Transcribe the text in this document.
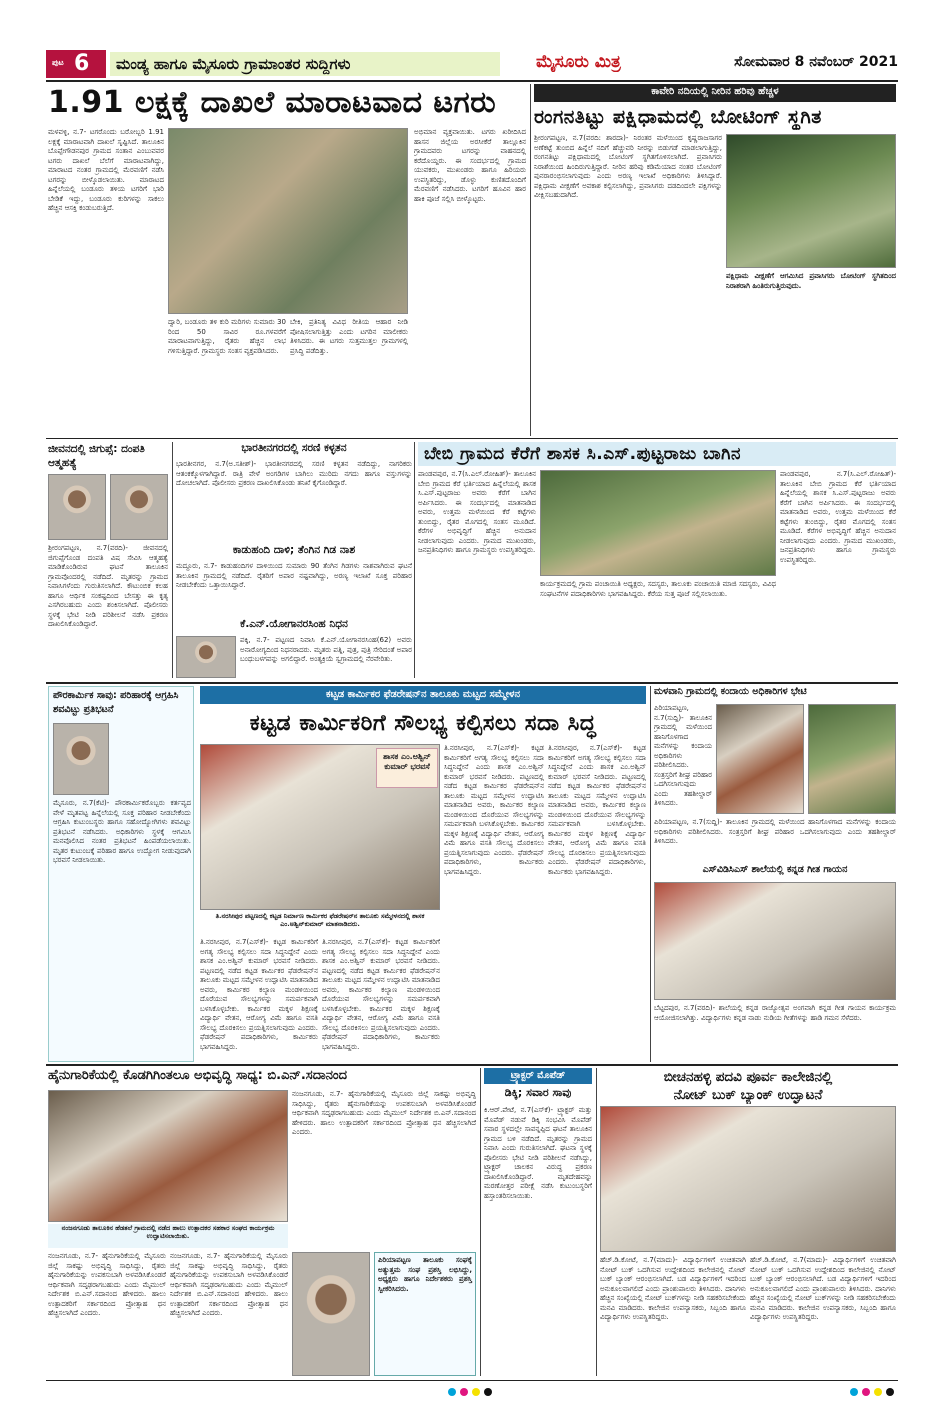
ಪುಟ 6	ಮಂಡ್ಯ ಹಾಗೂ ಮೈಸೂರು ಗ್ರಾಮಾಂತರ ಸುದ್ದಿಗಳು	ಮೈಸೂರು ಮಿತ್ರ	ಸೋಮವಾರ 8 ನವೆಂಬರ್ 2021
1.91 ಲಕ್ಷಕ್ಕೆ ದಾಖಲೆ ಮಾರಾಟವಾದ ಟಗರು
ಮಳವಳ್ಳಿ, ನ.7- ಟಗರೊಂದು ಬರೋಬ್ಬರಿ 1.91 ಲಕ್ಷಕ್ಕೆ ಮಾರಾಟವಾಗಿ ದಾಖಲೆ ಸೃಷ್ಟಿಸಿದೆ. ತಾಲೂಕಿನ ಬೊಪ್ಪೇಗೌಡನಪುರ ಗ್ರಾಮದ ಸಂತಾನ ಎಂಬುವವರ ಟಗರು ದಾಖಲೆ ಬೆಲೆಗೆ ಮಾರಾಟವಾಗಿದ್ದು, ಮಾರಾಟದ ನಂತರ ಗ್ರಾಮದಲ್ಲಿ ಮೆರವಣಿಗೆ ನಡೆಸಿ ಟಗರನ್ನು ಬೀಳ್ಕೊಡಲಾಯಿತು. ಮಾರಾಟದ ಹಿನ್ನೆಲೆಯಲ್ಲಿ ಬಂಡೂರು ತಳಿಯ ಟಗರಿಗೆ ಭಾರಿ ಬೇಡಿಕೆ ಇದ್ದು, ಬಂಡೂರು ಕುರಿಗಳನ್ನು ಸಾಕಲು ಹೆಚ್ಚಿನ ಆಸಕ್ತಿ ಕಂಡುಬರುತ್ತಿದೆ.
ಅಭಿಮಾನ ವ್ಯಕ್ತವಾಯಿತು. ಟಗರು ಖರೀದಿಸಿದ ಹಾಸನ ಜಿಲ್ಲೆಯ ಅರಸೀಕೆರೆ ತಾಲ್ಲೂಕಿನ ಗ್ರಾಮದವರು ಟಗರನ್ನು ವಾಹನದಲ್ಲಿ ಕರೆದೊಯ್ದರು. ಈ ಸಂದರ್ಭದಲ್ಲಿ ಗ್ರಾಮದ ಯುವಕರು, ಮುಖಂಡರು ಹಾಗೂ ಹಿರಿಯರು ಉಪಸ್ಥಿತರಿದ್ದು, ಡೊಳ್ಳು ಕುಣಿತದೊಂದಿಗೆ ಮೆರವಣಿಗೆ ನಡೆಸಿದರು. ಟಗರಿಗೆ ಹೂವಿನ ಹಾರ ಹಾಕಿ ಪೂಜೆ ಸಲ್ಲಿಸಿ ಬೀಳ್ಕೊಟ್ಟರು.
ದ್ವಾರಿ, ಬಂಡೂರು ತಳಿ ಕುರಿ ಮರಿಗಳು ಸುಮಾರು 30 ರಿಂದ 50 ಸಾವಿರ ರೂ.ಗಳವರೆಗೆ ಮಾರಾಟವಾಗುತ್ತಿದ್ದು, ರೈತರು ಹೆಚ್ಚಿನ ಲಾಭ ಗಳಿಸುತ್ತಿದ್ದಾರೆ. ಗ್ರಾಮಸ್ಥರು ಸಂತಸ ವ್ಯಕ್ತಪಡಿಸಿದರು.
ಬೇಕಿ, ಪ್ರತಿನಿತ್ಯ ವಿವಿಧ ರೀತಿಯ ಆಹಾರ ನೀಡಿ ಪೋಷಿಸಲಾಗುತ್ತಿತ್ತು ಎಂದು ಟಗರಿನ ಮಾಲೀಕರು ತಿಳಿಸಿದರು. ಈ ಟಗರು ಸುತ್ತಮುತ್ತಲ ಗ್ರಾಮಗಳಲ್ಲಿ ಪ್ರಸಿದ್ಧಿ ಪಡೆದಿತ್ತು.
ಕಾವೇರಿ ನದಿಯಲ್ಲಿ ನೀರಿನ ಹರಿವು ಹೆಚ್ಚಳ
ರಂಗನತಿಟ್ಟು ಪಕ್ಷಿಧಾಮದಲ್ಲಿ ಬೋಟಿಂಗ್ ಸ್ಥಗಿತ
ಶ್ರೀರಂಗಪಟ್ಟಣ, ನ.7(ವರದಿ: ಶಾರದಾ)- ನಿರಂತರ ಮಳೆಯಿಂದ ಕೃಷ್ಣರಾಜಸಾಗರ ಅಣೆಕಟ್ಟೆ ತುಂಬಿದ ಹಿನ್ನೆಲೆ ನದಿಗೆ ಹೆಚ್ಚುವರಿ ನೀರನ್ನು ಬಿಡುಗಡೆ ಮಾಡಲಾಗುತ್ತಿದ್ದು, ರಂಗನತಿಟ್ಟು ಪಕ್ಷಿಧಾಮದಲ್ಲಿ ಬೋಟಿಂಗ್ ಸ್ಥಗಿತಗೊಳಿಸಲಾಗಿದೆ. ಪ್ರವಾಸಿಗರು ನಿರಾಶೆಯಿಂದ ಹಿಂದಿರುಗುತ್ತಿದ್ದಾರೆ. ನೀರಿನ ಹರಿವು ಕಡಿಮೆಯಾದ ನಂತರ ಬೋಟಿಂಗ್ ಪುನರಾರಂಭಿಸಲಾಗುವುದು ಎಂದು ಅರಣ್ಯ ಇಲಾಖೆ ಅಧಿಕಾರಿಗಳು ತಿಳಿಸಿದ್ದಾರೆ. ಪಕ್ಷಿಧಾಮ ವೀಕ್ಷಣೆಗೆ ಅವಕಾಶ ಕಲ್ಪಿಸಲಾಗಿದ್ದು, ಪ್ರವಾಸಿಗರು ದಡದಿಂದಲೇ ಪಕ್ಷಿಗಳನ್ನು ವೀಕ್ಷಿಸಬಹುದಾಗಿದೆ.
ಪಕ್ಷಿಧಾಮ ವೀಕ್ಷಣೆಗೆ ಆಗಮಿಸಿದ ಪ್ರವಾಸಿಗರು ಬೋಟಿಂಗ್ ಸ್ಥಗಿತದಿಂದ ನಿರಾಶರಾಗಿ ಹಿಂತಿರುಗುತ್ತಿರುವುದು.
ಜೀವನದಲ್ಲಿ ಜಿಗುಪ್ಸೆ: ದಂಪತಿ ಆತ್ಮಹತ್ಯೆ
ಶ್ರೀರಂಗಪಟ್ಟಣ, ನ.7(ವರದಿ)- ಜೀವನದಲ್ಲಿ ಜಿಗುಪ್ಸೆಗೊಂಡ ದಂಪತಿ ವಿಷ ಸೇವಿಸಿ ಆತ್ಮಹತ್ಯೆ ಮಾಡಿಕೊಂಡಿರುವ ಘಟನೆ ತಾಲೂಕಿನ ಗ್ರಾಮವೊಂದರಲ್ಲಿ ನಡೆದಿದೆ. ಮೃತರನ್ನು ಗ್ರಾಮದ ನಿವಾಸಿಗಳೆಂದು ಗುರುತಿಸಲಾಗಿದೆ. ಕೌಟುಂಬಿಕ ಕಲಹ ಹಾಗೂ ಆರ್ಥಿಕ ಸಂಕಷ್ಟದಿಂದ ಬೇಸತ್ತು ಈ ಕೃತ್ಯ ಎಸಗಿರಬಹುದು ಎಂದು ಶಂಕಿಸಲಾಗಿದೆ. ಪೊಲೀಸರು ಸ್ಥಳಕ್ಕೆ ಭೇಟಿ ನೀಡಿ ಪರಿಶೀಲನೆ ನಡೆಸಿ ಪ್ರಕರಣ ದಾಖಲಿಸಿಕೊಂಡಿದ್ದಾರೆ.
ಭಾರತೀನಗರದಲ್ಲಿ ಸರಣಿ ಕಳ್ಳತನ
ಭಾರತೀನಗರ, ನ.7(ಅ.ಸತೀಶ್)- ಭಾರತೀನಗರದಲ್ಲಿ ಸರಣಿ ಕಳ್ಳತನ ನಡೆದಿದ್ದು, ನಾಗರಿಕರು ಆತಂಕಕ್ಕೊಳಗಾಗಿದ್ದಾರೆ. ರಾತ್ರಿ ವೇಳೆ ಅಂಗಡಿಗಳ ಬಾಗಿಲು ಮುರಿದು ನಗದು ಹಾಗೂ ವಸ್ತುಗಳನ್ನು ದೋಚಲಾಗಿದೆ. ಪೊಲೀಸರು ಪ್ರಕರಣ ದಾಖಲಿಸಿಕೊಂಡು ತನಿಖೆ ಕೈಗೊಂಡಿದ್ದಾರೆ.
ಕಾಡುಹಂದಿ ದಾಳಿ; ತೆಂಗಿನ ಗಿಡ ನಾಶ
ಮದ್ದೂರು, ನ.7- ಕಾಡುಹಂದಿಗಳ ದಾಳಿಯಿಂದ ಸುಮಾರು 90 ತೆಂಗಿನ ಗಿಡಗಳು ನಾಶವಾಗಿರುವ ಘಟನೆ ತಾಲೂಕಿನ ಗ್ರಾಮದಲ್ಲಿ ನಡೆದಿದೆ. ರೈತರಿಗೆ ಅಪಾರ ನಷ್ಟವಾಗಿದ್ದು, ಅರಣ್ಯ ಇಲಾಖೆ ಸೂಕ್ತ ಪರಿಹಾರ ನೀಡಬೇಕೆಂದು ಒತ್ತಾಯಿಸಿದ್ದಾರೆ.
ಕೆ.ಎನ್.ಯೋಗಾನರಸಿಂಹ ನಿಧನ
ಪಕ್ಕಿ, ನ.7- ಪಟ್ಟಣದ ನಿವಾಸಿ ಕೆ.ಎನ್.ಯೋಗಾನರಸಿಂಹ(62) ಅವರು ಅನಾರೋಗ್ಯದಿಂದ ನಿಧನರಾದರು. ಮೃತರು ಪತ್ನಿ, ಪುತ್ರ, ಪುತ್ರಿ ಸೇರಿದಂತೆ ಅಪಾರ ಬಂಧುಬಳಗವನ್ನು ಅಗಲಿದ್ದಾರೆ. ಅಂತ್ಯಕ್ರಿಯೆ ಸ್ವಗ್ರಾಮದಲ್ಲಿ ನೆರವೇರಿತು.
ಬೇಬಿ ಗ್ರಾಮದ ಕೆರೆಗೆ ಶಾಸಕ ಸಿ.ಎಸ್.ಪುಟ್ಟರಾಜು ಬಾಗಿನ
ಪಾಂಡವಪುರ, ನ.7(ಸಿ.ಎಲ್.ರೋಹಿತ್)- ತಾಲೂಕಿನ ಬೇಬಿ ಗ್ರಾಮದ ಕೆರೆ ಭರ್ತಿಯಾದ ಹಿನ್ನೆಲೆಯಲ್ಲಿ ಶಾಸಕ ಸಿ.ಎಸ್.ಪುಟ್ಟರಾಜು ಅವರು ಕೆರೆಗೆ ಬಾಗಿನ ಅರ್ಪಿಸಿದರು. ಈ ಸಂದರ್ಭದಲ್ಲಿ ಮಾತನಾಡಿದ ಅವರು, ಉತ್ತಮ ಮಳೆಯಿಂದ ಕೆರೆ ಕಟ್ಟೆಗಳು ತುಂಬಿದ್ದು, ರೈತರ ಮೊಗದಲ್ಲಿ ಸಂತಸ ಮೂಡಿದೆ. ಕೆರೆಗಳ ಅಭಿವೃದ್ಧಿಗೆ ಹೆಚ್ಚಿನ ಅನುದಾನ ನೀಡಲಾಗುವುದು ಎಂದರು. ಗ್ರಾಮದ ಮುಖಂಡರು, ಜನಪ್ರತಿನಿಧಿಗಳು ಹಾಗೂ ಗ್ರಾಮಸ್ಥರು ಉಪಸ್ಥಿತರಿದ್ದರು.
ಕಾರ್ಯಕ್ರಮದಲ್ಲಿ ಗ್ರಾಮ ಪಂಚಾಯಿತಿ ಅಧ್ಯಕ್ಷರು, ಸದಸ್ಯರು, ತಾಲೂಕು ಪಂಚಾಯಿತಿ ಮಾಜಿ ಸದಸ್ಯರು, ವಿವಿಧ ಸಂಘಟನೆಗಳ ಪದಾಧಿಕಾರಿಗಳು ಭಾಗವಹಿಸಿದ್ದರು. ಕೆರೆಯ ಸುತ್ತ ಪೂಜೆ ಸಲ್ಲಿಸಲಾಯಿತು.
ಪಾಂಡವಪುರ, ನ.7(ಸಿ.ಎಲ್.ರೋಹಿತ್)- ತಾಲೂಕಿನ ಬೇಬಿ ಗ್ರಾಮದ ಕೆರೆ ಭರ್ತಿಯಾದ ಹಿನ್ನೆಲೆಯಲ್ಲಿ ಶಾಸಕ ಸಿ.ಎಸ್.ಪುಟ್ಟರಾಜು ಅವರು ಕೆರೆಗೆ ಬಾಗಿನ ಅರ್ಪಿಸಿದರು. ಈ ಸಂದರ್ಭದಲ್ಲಿ ಮಾತನಾಡಿದ ಅವರು, ಉತ್ತಮ ಮಳೆಯಿಂದ ಕೆರೆ ಕಟ್ಟೆಗಳು ತುಂಬಿದ್ದು, ರೈತರ ಮೊಗದಲ್ಲಿ ಸಂತಸ ಮೂಡಿದೆ. ಕೆರೆಗಳ ಅಭಿವೃದ್ಧಿಗೆ ಹೆಚ್ಚಿನ ಅನುದಾನ ನೀಡಲಾಗುವುದು ಎಂದರು. ಗ್ರಾಮದ ಮುಖಂಡರು, ಜನಪ್ರತಿನಿಧಿಗಳು ಹಾಗೂ ಗ್ರಾಮಸ್ಥರು ಉಪಸ್ಥಿತರಿದ್ದರು.
ಪೌರಕಾರ್ಮಿಕ ಸಾವು: ಪರಿಹಾರಕ್ಕೆ ಆಗ್ರಹಿಸಿ ಶವವಿಟ್ಟು ಪ್ರತಿಭಟನೆ
ಮೈಸೂರು, ನ.7(ಕೆಟಿ)- ಪೌರಕಾರ್ಮಿಕರೊಬ್ಬರು ಕರ್ತವ್ಯದ ವೇಳೆ ಮೃತಪಟ್ಟ ಹಿನ್ನೆಲೆಯಲ್ಲಿ ಸೂಕ್ತ ಪರಿಹಾರ ನೀಡಬೇಕೆಂದು ಆಗ್ರಹಿಸಿ ಕುಟುಂಬಸ್ಥರು ಹಾಗೂ ಸಹೋದ್ಯೋಗಿಗಳು ಶವವಿಟ್ಟು ಪ್ರತಿಭಟನೆ ನಡೆಸಿದರು. ಅಧಿಕಾರಿಗಳು ಸ್ಥಳಕ್ಕೆ ಆಗಮಿಸಿ ಮನವೊಲಿಸಿದ ನಂತರ ಪ್ರತಿಭಟನೆ ಹಿಂಪಡೆಯಲಾಯಿತು. ಮೃತರ ಕುಟುಂಬಕ್ಕೆ ಪರಿಹಾರ ಹಾಗೂ ಉದ್ಯೋಗ ನೀಡುವುದಾಗಿ ಭರವಸೆ ನೀಡಲಾಯಿತು.
ಕಟ್ಟಡ ಕಾರ್ಮಿಕರ ಫೆಡರೇಷನ್‌ನ ತಾಲೂಕು ಮಟ್ಟದ ಸಮ್ಮೇಳನ
ಕಟ್ಟಡ ಕಾರ್ಮಿಕರಿಗೆ ಸೌಲಭ್ಯ ಕಲ್ಪಿಸಲು ಸದಾ ಸಿದ್ಧ
ಶಾಸಕ ಎಂ.ಅಶ್ವಿನ್ ಕುಮಾರ್ ಭರವಸೆ
ತಿ.ನರಸೀಪುರ ಪಟ್ಟಣದಲ್ಲಿ ಕಟ್ಟಡ ನಿರ್ಮಾಣ ಕಾರ್ಮಿಕರ ಫೆಡರೇಷನ್‌ನ ತಾಲೂಕು ಸಮ್ಮೇಳನದಲ್ಲಿ ಶಾಸಕ ಎಂ.ಅಶ್ವಿನ್‌ಕುಮಾರ್ ಮಾತನಾಡಿದರು.
ತಿ.ನರಸೀಪುರ, ನ.7(ಎಸ್‌ಕೆ)- ಕಟ್ಟಡ ಕಾರ್ಮಿಕರಿಗೆ ಅಗತ್ಯ ಸೌಲಭ್ಯ ಕಲ್ಪಿಸಲು ಸದಾ ಸಿದ್ಧನಿದ್ದೇನೆ ಎಂದು ಶಾಸಕ ಎಂ.ಅಶ್ವಿನ್ ಕುಮಾರ್ ಭರವಸೆ ನೀಡಿದರು. ಪಟ್ಟಣದಲ್ಲಿ ನಡೆದ ಕಟ್ಟಡ ಕಾರ್ಮಿಕರ ಫೆಡರೇಷನ್‌ನ ತಾಲೂಕು ಮಟ್ಟದ ಸಮ್ಮೇಳನ ಉದ್ಘಾಟಿಸಿ ಮಾತನಾಡಿದ ಅವರು, ಕಾರ್ಮಿಕರ ಕಲ್ಯಾಣ ಮಂಡಳಿಯಿಂದ ದೊರೆಯುವ ಸೌಲಭ್ಯಗಳನ್ನು ಸಮರ್ಪಕವಾಗಿ ಬಳಸಿಕೊಳ್ಳಬೇಕು. ಕಾರ್ಮಿಕರ ಮಕ್ಕಳ ಶಿಕ್ಷಣಕ್ಕೆ ವಿದ್ಯಾರ್ಥಿ ವೇತನ, ಆರೋಗ್ಯ ವಿಮೆ ಹಾಗೂ ವಸತಿ ಸೌಲಭ್ಯ ದೊರಕಿಸಲು ಪ್ರಯತ್ನಿಸಲಾಗುವುದು ಎಂದರು. ಫೆಡರೇಷನ್ ಪದಾಧಿಕಾರಿಗಳು, ಕಾರ್ಮಿಕರು ಭಾಗವಹಿಸಿದ್ದರು.
ತಿ.ನರಸೀಪುರ, ನ.7(ಎಸ್‌ಕೆ)- ಕಟ್ಟಡ ಕಾರ್ಮಿಕರಿಗೆ ಅಗತ್ಯ ಸೌಲಭ್ಯ ಕಲ್ಪಿಸಲು ಸದಾ ಸಿದ್ಧನಿದ್ದೇನೆ ಎಂದು ಶಾಸಕ ಎಂ.ಅಶ್ವಿನ್ ಕುಮಾರ್ ಭರವಸೆ ನೀಡಿದರು. ಪಟ್ಟಣದಲ್ಲಿ ನಡೆದ ಕಟ್ಟಡ ಕಾರ್ಮಿಕರ ಫೆಡರೇಷನ್‌ನ ತಾಲೂಕು ಮಟ್ಟದ ಸಮ್ಮೇಳನ ಉದ್ಘಾಟಿಸಿ ಮಾತನಾಡಿದ ಅವರು, ಕಾರ್ಮಿಕರ ಕಲ್ಯಾಣ ಮಂಡಳಿಯಿಂದ ದೊರೆಯುವ ಸೌಲಭ್ಯಗಳನ್ನು ಸಮರ್ಪಕವಾಗಿ ಬಳಸಿಕೊಳ್ಳಬೇಕು. ಕಾರ್ಮಿಕರ ಮಕ್ಕಳ ಶಿಕ್ಷಣಕ್ಕೆ ವಿದ್ಯಾರ್ಥಿ ವೇತನ, ಆರೋಗ್ಯ ವಿಮೆ ಹಾಗೂ ವಸತಿ ಸೌಲಭ್ಯ ದೊರಕಿಸಲು ಪ್ರಯತ್ನಿಸಲಾಗುವುದು ಎಂದರು. ಫೆಡರೇಷನ್ ಪದಾಧಿಕಾರಿಗಳು, ಕಾರ್ಮಿಕರು ಭಾಗವಹಿಸಿದ್ದರು.
ತಿ.ನರಸೀಪುರ, ನ.7(ಎಸ್‌ಕೆ)- ಕಟ್ಟಡ ಕಾರ್ಮಿಕರಿಗೆ ಅಗತ್ಯ ಸೌಲಭ್ಯ ಕಲ್ಪಿಸಲು ಸದಾ ಸಿದ್ಧನಿದ್ದೇನೆ ಎಂದು ಶಾಸಕ ಎಂ.ಅಶ್ವಿನ್ ಕುಮಾರ್ ಭರವಸೆ ನೀಡಿದರು. ಪಟ್ಟಣದಲ್ಲಿ ನಡೆದ ಕಟ್ಟಡ ಕಾರ್ಮಿಕರ ಫೆಡರೇಷನ್‌ನ ತಾಲೂಕು ಮಟ್ಟದ ಸಮ್ಮೇಳನ ಉದ್ಘಾಟಿಸಿ ಮಾತನಾಡಿದ ಅವರು, ಕಾರ್ಮಿಕರ ಕಲ್ಯಾಣ ಮಂಡಳಿಯಿಂದ ದೊರೆಯುವ ಸೌಲಭ್ಯಗಳನ್ನು ಸಮರ್ಪಕವಾಗಿ ಬಳಸಿಕೊಳ್ಳಬೇಕು. ಕಾರ್ಮಿಕರ ಮಕ್ಕಳ ಶಿಕ್ಷಣಕ್ಕೆ ವಿದ್ಯಾರ್ಥಿ ವೇತನ, ಆರೋಗ್ಯ ವಿಮೆ ಹಾಗೂ ವಸತಿ ಸೌಲಭ್ಯ ದೊರಕಿಸಲು ಪ್ರಯತ್ನಿಸಲಾಗುವುದು ಎಂದರು. ಫೆಡರೇಷನ್ ಪದಾಧಿಕಾರಿಗಳು, ಕಾರ್ಮಿಕರು ಭಾಗವಹಿಸಿದ್ದರು.
ತಿ.ನರಸೀಪುರ, ನ.7(ಎಸ್‌ಕೆ)- ಕಟ್ಟಡ ಕಾರ್ಮಿಕರಿಗೆ ಅಗತ್ಯ ಸೌಲಭ್ಯ ಕಲ್ಪಿಸಲು ಸದಾ ಸಿದ್ಧನಿದ್ದೇನೆ ಎಂದು ಶಾಸಕ ಎಂ.ಅಶ್ವಿನ್ ಕುಮಾರ್ ಭರವಸೆ ನೀಡಿದರು. ಪಟ್ಟಣದಲ್ಲಿ ನಡೆದ ಕಟ್ಟಡ ಕಾರ್ಮಿಕರ ಫೆಡರೇಷನ್‌ನ ತಾಲೂಕು ಮಟ್ಟದ ಸಮ್ಮೇಳನ ಉದ್ಘಾಟಿಸಿ ಮಾತನಾಡಿದ ಅವರು, ಕಾರ್ಮಿಕರ ಕಲ್ಯಾಣ ಮಂಡಳಿಯಿಂದ ದೊರೆಯುವ ಸೌಲಭ್ಯಗಳನ್ನು ಸಮರ್ಪಕವಾಗಿ ಬಳಸಿಕೊಳ್ಳಬೇಕು. ಕಾರ್ಮಿಕರ ಮಕ್ಕಳ ಶಿಕ್ಷಣಕ್ಕೆ ವಿದ್ಯಾರ್ಥಿ ವೇತನ, ಆರೋಗ್ಯ ವಿಮೆ ಹಾಗೂ ವಸತಿ ಸೌಲಭ್ಯ ದೊರಕಿಸಲು ಪ್ರಯತ್ನಿಸಲಾಗುವುದು ಎಂದರು. ಫೆಡರೇಷನ್ ಪದಾಧಿಕಾರಿಗಳು, ಕಾರ್ಮಿಕರು ಭಾಗವಹಿಸಿದ್ದರು.
ಮಳವಾನಿ ಗ್ರಾಮದಲ್ಲಿ ಕಂದಾಯ ಅಧಿಕಾರಿಗಳ ಭೇಟಿ
ಪಿರಿಯಾಪಟ್ಟಣ, ನ.7(ಸುದ್ದಿ)- ತಾಲೂಕಿನ ಗ್ರಾಮದಲ್ಲಿ ಮಳೆಯಿಂದ ಹಾನಿಗೊಳಗಾದ ಮನೆಗಳನ್ನು ಕಂದಾಯ ಅಧಿಕಾರಿಗಳು ಪರಿಶೀಲಿಸಿದರು. ಸಂತ್ರಸ್ತರಿಗೆ ಶೀಘ್ರ ಪರಿಹಾರ ಒದಗಿಸಲಾಗುವುದು ಎಂದು ತಹಶೀಲ್ದಾರ್ ತಿಳಿಸಿದರು.
ಪಿರಿಯಾಪಟ್ಟಣ, ನ.7(ಸುದ್ದಿ)- ತಾಲೂಕಿನ ಗ್ರಾಮದಲ್ಲಿ ಮಳೆಯಿಂದ ಹಾನಿಗೊಳಗಾದ ಮನೆಗಳನ್ನು ಕಂದಾಯ ಅಧಿಕಾರಿಗಳು ಪರಿಶೀಲಿಸಿದರು. ಸಂತ್ರಸ್ತರಿಗೆ ಶೀಘ್ರ ಪರಿಹಾರ ಒದಗಿಸಲಾಗುವುದು ಎಂದು ತಹಶೀಲ್ದಾರ್ ತಿಳಿಸಿದರು.
ಎಸ್‌ವಿಡಿಸಿಎಸ್ ಶಾಲೆಯಲ್ಲಿ ಕನ್ನಡ ಗೀತ ಗಾಯನ
ಬೆಟ್ಟದಪುರ, ನ.7(ವರದಿ)- ಶಾಲೆಯಲ್ಲಿ ಕನ್ನಡ ರಾಜ್ಯೋತ್ಸವ ಅಂಗವಾಗಿ ಕನ್ನಡ ಗೀತ ಗಾಯನ ಕಾರ್ಯಕ್ರಮ ಆಯೋಜಿಸಲಾಗಿತ್ತು. ವಿದ್ಯಾರ್ಥಿಗಳು ಕನ್ನಡ ನಾಡು ನುಡಿಯ ಗೀತೆಗಳನ್ನು ಹಾಡಿ ಗಮನ ಸೆಳೆದರು.
ಹೈನುಗಾರಿಕೆಯಲ್ಲಿ ಕೊಡಗಿಗಿಂತಲೂ ಅಭಿವೃದ್ಧಿ ಸಾಧ್ಯ: ಬಿ.ಎನ್.ಸದಾನಂದ
ನಂಜನಗೂಡು ತಾಲೂಕಿನ ಹೆಡತಲೆ ಗ್ರಾಮದಲ್ಲಿ ನಡೆದ ಹಾಲು ಉತ್ಪಾದಕರ ಸಹಕಾರ ಸಂಘದ ಕಾರ್ಯಕ್ರಮ ಉದ್ಘಾಟಿಸಲಾಯಿತು.
ನಂಜನಗೂಡು, ನ.7- ಹೈನುಗಾರಿಕೆಯಲ್ಲಿ ಮೈಸೂರು ಜಿಲ್ಲೆ ಸಾಕಷ್ಟು ಅಭಿವೃದ್ಧಿ ಸಾಧಿಸಿದ್ದು, ರೈತರು ಹೈನುಗಾರಿಕೆಯನ್ನು ಉಪಕಸುಬಾಗಿ ಅಳವಡಿಸಿಕೊಂಡರೆ ಆರ್ಥಿಕವಾಗಿ ಸದೃಢರಾಗಬಹುದು ಎಂದು ಮೈಮುಲ್ ನಿರ್ದೇಶಕ ಬಿ.ಎನ್.ಸದಾನಂದ ಹೇಳಿದರು. ಹಾಲು ಉತ್ಪಾದಕರಿಗೆ ಸರ್ಕಾರದಿಂದ ಪ್ರೋತ್ಸಾಹ ಧನ ಹೆಚ್ಚಿಸಲಾಗಿದೆ ಎಂದರು.
ನಂಜನಗೂಡು, ನ.7- ಹೈನುಗಾರಿಕೆಯಲ್ಲಿ ಮೈಸೂರು ಜಿಲ್ಲೆ ಸಾಕಷ್ಟು ಅಭಿವೃದ್ಧಿ ಸಾಧಿಸಿದ್ದು, ರೈತರು ಹೈನುಗಾರಿಕೆಯನ್ನು ಉಪಕಸುಬಾಗಿ ಅಳವಡಿಸಿಕೊಂಡರೆ ಆರ್ಥಿಕವಾಗಿ ಸದೃಢರಾಗಬಹುದು ಎಂದು ಮೈಮುಲ್ ನಿರ್ದೇಶಕ ಬಿ.ಎನ್.ಸದಾನಂದ ಹೇಳಿದರು. ಹಾಲು ಉತ್ಪಾದಕರಿಗೆ ಸರ್ಕಾರದಿಂದ ಪ್ರೋತ್ಸಾಹ ಧನ ಹೆಚ್ಚಿಸಲಾಗಿದೆ ಎಂದರು.
ನಂಜನಗೂಡು, ನ.7- ಹೈನುಗಾರಿಕೆಯಲ್ಲಿ ಮೈಸೂರು ಜಿಲ್ಲೆ ಸಾಕಷ್ಟು ಅಭಿವೃದ್ಧಿ ಸಾಧಿಸಿದ್ದು, ರೈತರು ಹೈನುಗಾರಿಕೆಯನ್ನು ಉಪಕಸುಬಾಗಿ ಅಳವಡಿಸಿಕೊಂಡರೆ ಆರ್ಥಿಕವಾಗಿ ಸದೃಢರಾಗಬಹುದು ಎಂದು ಮೈಮುಲ್ ನಿರ್ದೇಶಕ ಬಿ.ಎನ್.ಸದಾನಂದ ಹೇಳಿದರು. ಹಾಲು ಉತ್ಪಾದಕರಿಗೆ ಸರ್ಕಾರದಿಂದ ಪ್ರೋತ್ಸಾಹ ಧನ ಹೆಚ್ಚಿಸಲಾಗಿದೆ ಎಂದರು.
ಪಿರಿಯಾಪಟ್ಟಣ ತಾಲೂಕು ಸಂಘಕ್ಕೆ ಅತ್ಯುತ್ತಮ ಸಂಘ ಪ್ರಶಸ್ತಿ ಲಭಿಸಿದ್ದು, ಅಧ್ಯಕ್ಷರು ಹಾಗೂ ನಿರ್ದೇಶಕರು ಪ್ರಶಸ್ತಿ ಸ್ವೀಕರಿಸಿದರು.
ಟ್ರ್ಯಾಕ್ಟರ್ ಮೊಪೆಡ್
ಡಿಕ್ಕಿ; ಸವಾರ ಸಾವು
ಕಿ.ಆರ್.ಪೇಟೆ, ನ.7(ಎಸ್‌ಕೆ)- ಟ್ರ್ಯಾಕ್ಟರ್ ಮತ್ತು ಮೊಪೆಡ್ ನಡುವೆ ಡಿಕ್ಕಿ ಸಂಭವಿಸಿ ಮೊಪೆಡ್ ಸವಾರ ಸ್ಥಳದಲ್ಲೇ ಸಾವನ್ನಪ್ಪಿದ ಘಟನೆ ತಾಲೂಕಿನ ಗ್ರಾಮದ ಬಳಿ ನಡೆದಿದೆ. ಮೃತರನ್ನು ಗ್ರಾಮದ ನಿವಾಸಿ ಎಂದು ಗುರುತಿಸಲಾಗಿದೆ. ಘಟನಾ ಸ್ಥಳಕ್ಕೆ ಪೊಲೀಸರು ಭೇಟಿ ನೀಡಿ ಪರಿಶೀಲನೆ ನಡೆಸಿದ್ದು, ಟ್ರ್ಯಾಕ್ಟರ್ ಚಾಲಕನ ವಿರುದ್ಧ ಪ್ರಕರಣ ದಾಖಲಿಸಿಕೊಂಡಿದ್ದಾರೆ. ಮೃತದೇಹವನ್ನು ಮರಣೋತ್ತರ ಪರೀಕ್ಷೆ ನಡೆಸಿ ಕುಟುಂಬಸ್ಥರಿಗೆ ಹಸ್ತಾಂತರಿಸಲಾಯಿತು.
ಬೀಚನಹಳ್ಳಿ ಪದವಿ ಪೂರ್ವ ಕಾಲೇಜಿನಲ್ಲಿ
ನೋಟ್ ಬುಕ್ ಬ್ಯಾಂಕ್ ಉದ್ಘಾಟನೆ
ಹೆಚ್.ಡಿ.ಕೋಟೆ, ನ.7(ಮಾದು)- ವಿದ್ಯಾರ್ಥಿಗಳಿಗೆ ಉಚಿತವಾಗಿ ನೋಟ್ ಬುಕ್ ಒದಗಿಸುವ ಉದ್ದೇಶದಿಂದ ಕಾಲೇಜಿನಲ್ಲಿ ನೋಟ್ ಬುಕ್ ಬ್ಯಾಂಕ್ ಆರಂಭಿಸಲಾಗಿದೆ. ಬಡ ವಿದ್ಯಾರ್ಥಿಗಳಿಗೆ ಇದರಿಂದ ಅನುಕೂಲವಾಗಲಿದೆ ಎಂದು ಪ್ರಾಂಶುಪಾಲರು ತಿಳಿಸಿದರು. ದಾನಿಗಳು ಹೆಚ್ಚಿನ ಸಂಖ್ಯೆಯಲ್ಲಿ ನೋಟ್ ಬುಕ್‌ಗಳನ್ನು ನೀಡಿ ಸಹಕರಿಸಬೇಕೆಂದು ಮನವಿ ಮಾಡಿದರು. ಕಾಲೇಜಿನ ಉಪನ್ಯಾಸಕರು, ಸಿಬ್ಬಂದಿ ಹಾಗೂ ವಿದ್ಯಾರ್ಥಿಗಳು ಉಪಸ್ಥಿತರಿದ್ದರು.
ಹೆಚ್.ಡಿ.ಕೋಟೆ, ನ.7(ಮಾದು)- ವಿದ್ಯಾರ್ಥಿಗಳಿಗೆ ಉಚಿತವಾಗಿ ನೋಟ್ ಬುಕ್ ಒದಗಿಸುವ ಉದ್ದೇಶದಿಂದ ಕಾಲೇಜಿನಲ್ಲಿ ನೋಟ್ ಬುಕ್ ಬ್ಯಾಂಕ್ ಆರಂಭಿಸಲಾಗಿದೆ. ಬಡ ವಿದ್ಯಾರ್ಥಿಗಳಿಗೆ ಇದರಿಂದ ಅನುಕೂಲವಾಗಲಿದೆ ಎಂದು ಪ್ರಾಂಶುಪಾಲರು ತಿಳಿಸಿದರು. ದಾನಿಗಳು ಹೆಚ್ಚಿನ ಸಂಖ್ಯೆಯಲ್ಲಿ ನೋಟ್ ಬುಕ್‌ಗಳನ್ನು ನೀಡಿ ಸಹಕರಿಸಬೇಕೆಂದು ಮನವಿ ಮಾಡಿದರು. ಕಾಲೇಜಿನ ಉಪನ್ಯಾಸಕರು, ಸಿಬ್ಬಂದಿ ಹಾಗೂ ವಿದ್ಯಾರ್ಥಿಗಳು ಉಪಸ್ಥಿತರಿದ್ದರು.
